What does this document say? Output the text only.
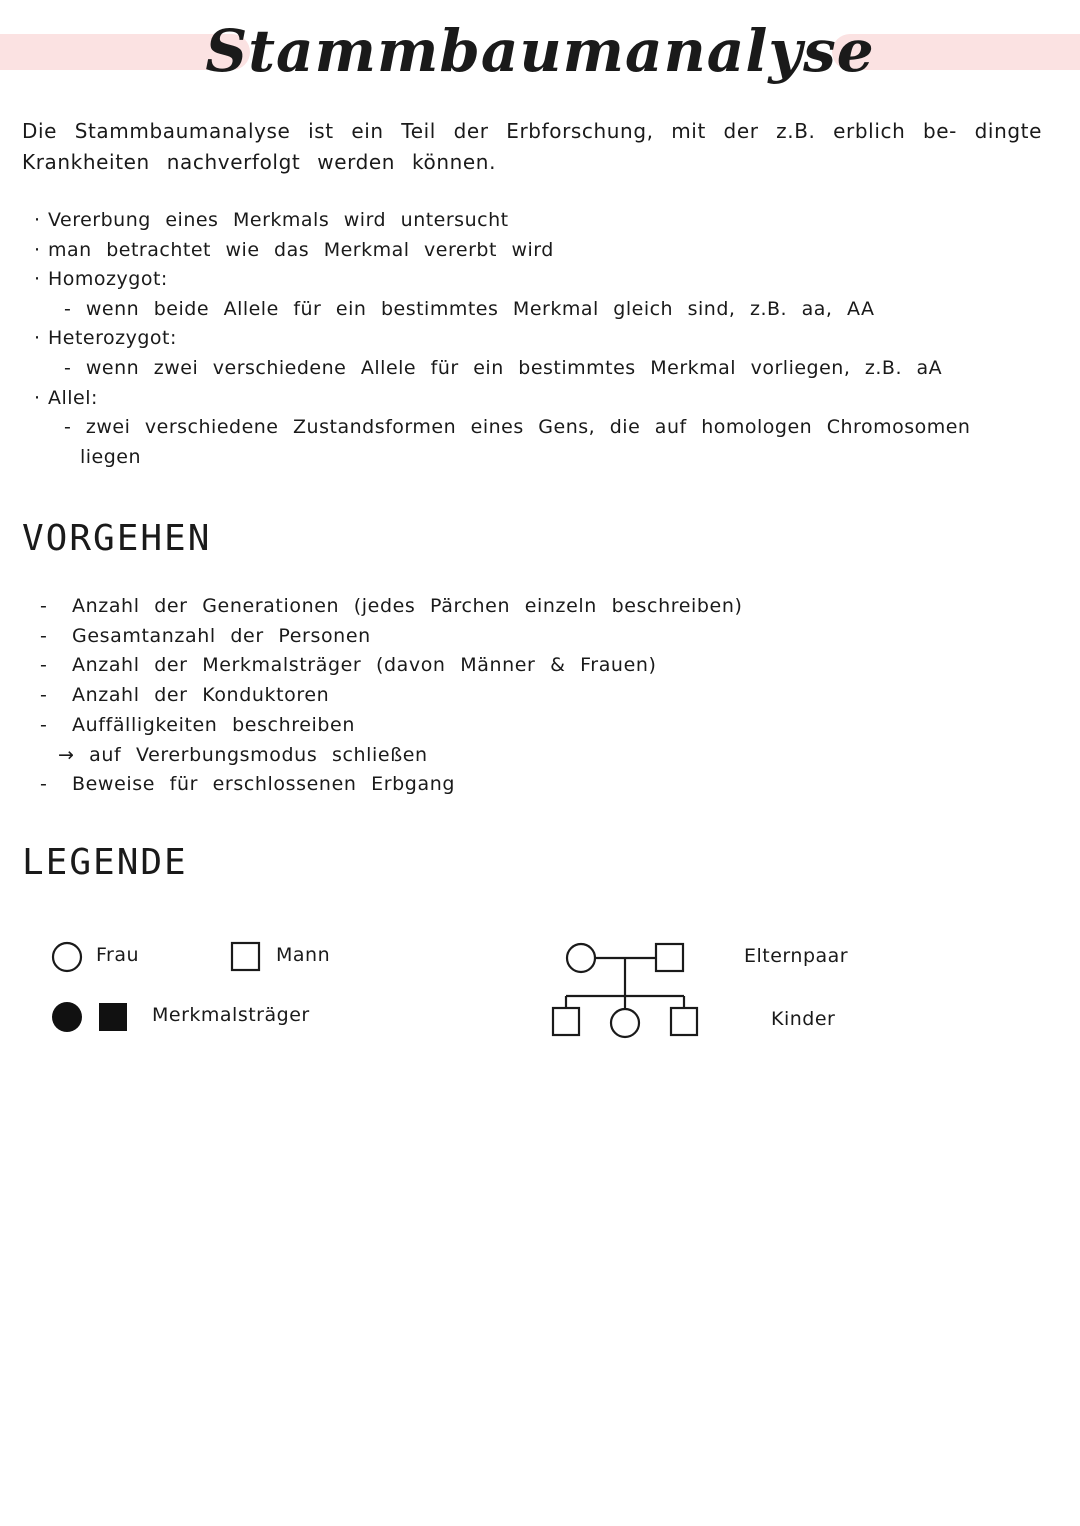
Stammbaumanalyse

Die Stammbaumanalyse ist ein Teil der Erbforschung, mit der z.B. erblich be- dingte Krankheiten nachverfolgt werden können.

· Vererbung eines Merkmals wird untersucht
· man betrachtet wie das Merkmal vererbt wird
· Homozygot:
- wenn beide Allele für ein bestimmtes Merkmal gleich sind, z.B. aa, AA
· Heterozygot:
- wenn zwei verschiedene Allele für ein bestimmtes Merkmal vorliegen, z.B. aA
· Allel:
- zwei verschiedene Zustandsformen eines Gens, die auf homologen Chromosomen
liegen
VORGEHEN
- Anzahl der Generationen (jedes Pärchen einzeln beschreiben)
- Gesamtanzahl der Personen
- Anzahl der Merkmalsträger (davon Männer & Frauen)
- Anzahl der Konduktoren
- Auffälligkeiten beschreiben
→ auf Vererbungsmodus schließen
- Beweise für erschlossenen Erbgang
LEGENDE
Frau	Mann
Merkmalsträger
Elternpaar
Kinder
